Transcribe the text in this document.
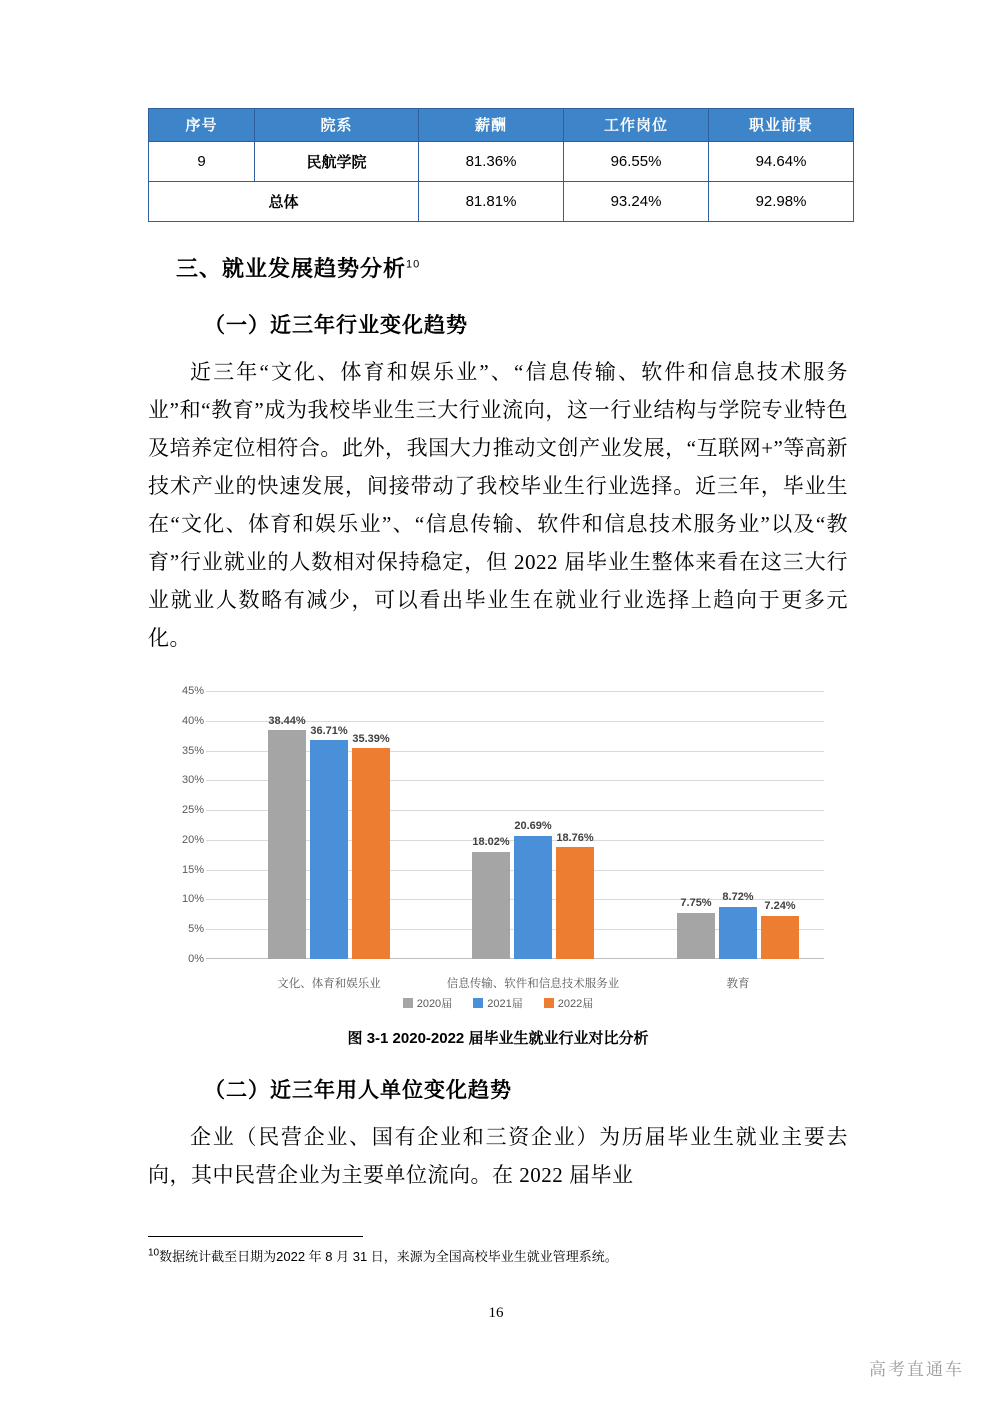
序号	院系	薪酬	工作岗位	职业前景
9	民航学院	81.36%	96.55%	94.64%
总体		81.81%	93.24%	92.98%
三、就业发展趋势分析$^{10}$
（一）近三年行业变化趋势

近三年“文化、体育和娱乐业”、“信息传输、软件和信息技术服务业”和“教育”成为我校毕业生三大行业流向，这一行业结构与学院专业特色及培养定位相符合。此外，我国大力推动文创产业发展，“互联网+”等高新技术产业的快速发展，间接带动了我校毕业生行业选择。近三年，毕业生在“文化、体育和娱乐业”、“信息传输、软件和信息技术服务业”以及“教育”行业就业的人数相对保持稳定，但 2022 届毕业生整体来看在这三大行业就业人数略有减少，可以看出毕业生在就业行业选择上趋向于更多元化。

0%
5%
10%
15%
20%
25%
30%
35%
40%
45%
38.44%
36.71%
35.39%
18.02%
20.69%
18.76%
7.75% 8.72%
7.24%
文化、体育和娱乐业	信息传输、软件和信息技术服务业	教育
2020届	2021届	2022届
图 3-1 2020-2022 届毕业生就业行业对比分析
（二）近三年用人单位变化趋势

企业（民营企业、国有企业和三资企业）为历届毕业生就业主要去向，其中民营企业为主要单位流向。在 2022 届毕业

$^{10}$数据统计截至日期为2022 年 8 月 31 日，来源为全国高校毕业生就业管理系统。
16
高考直通车
